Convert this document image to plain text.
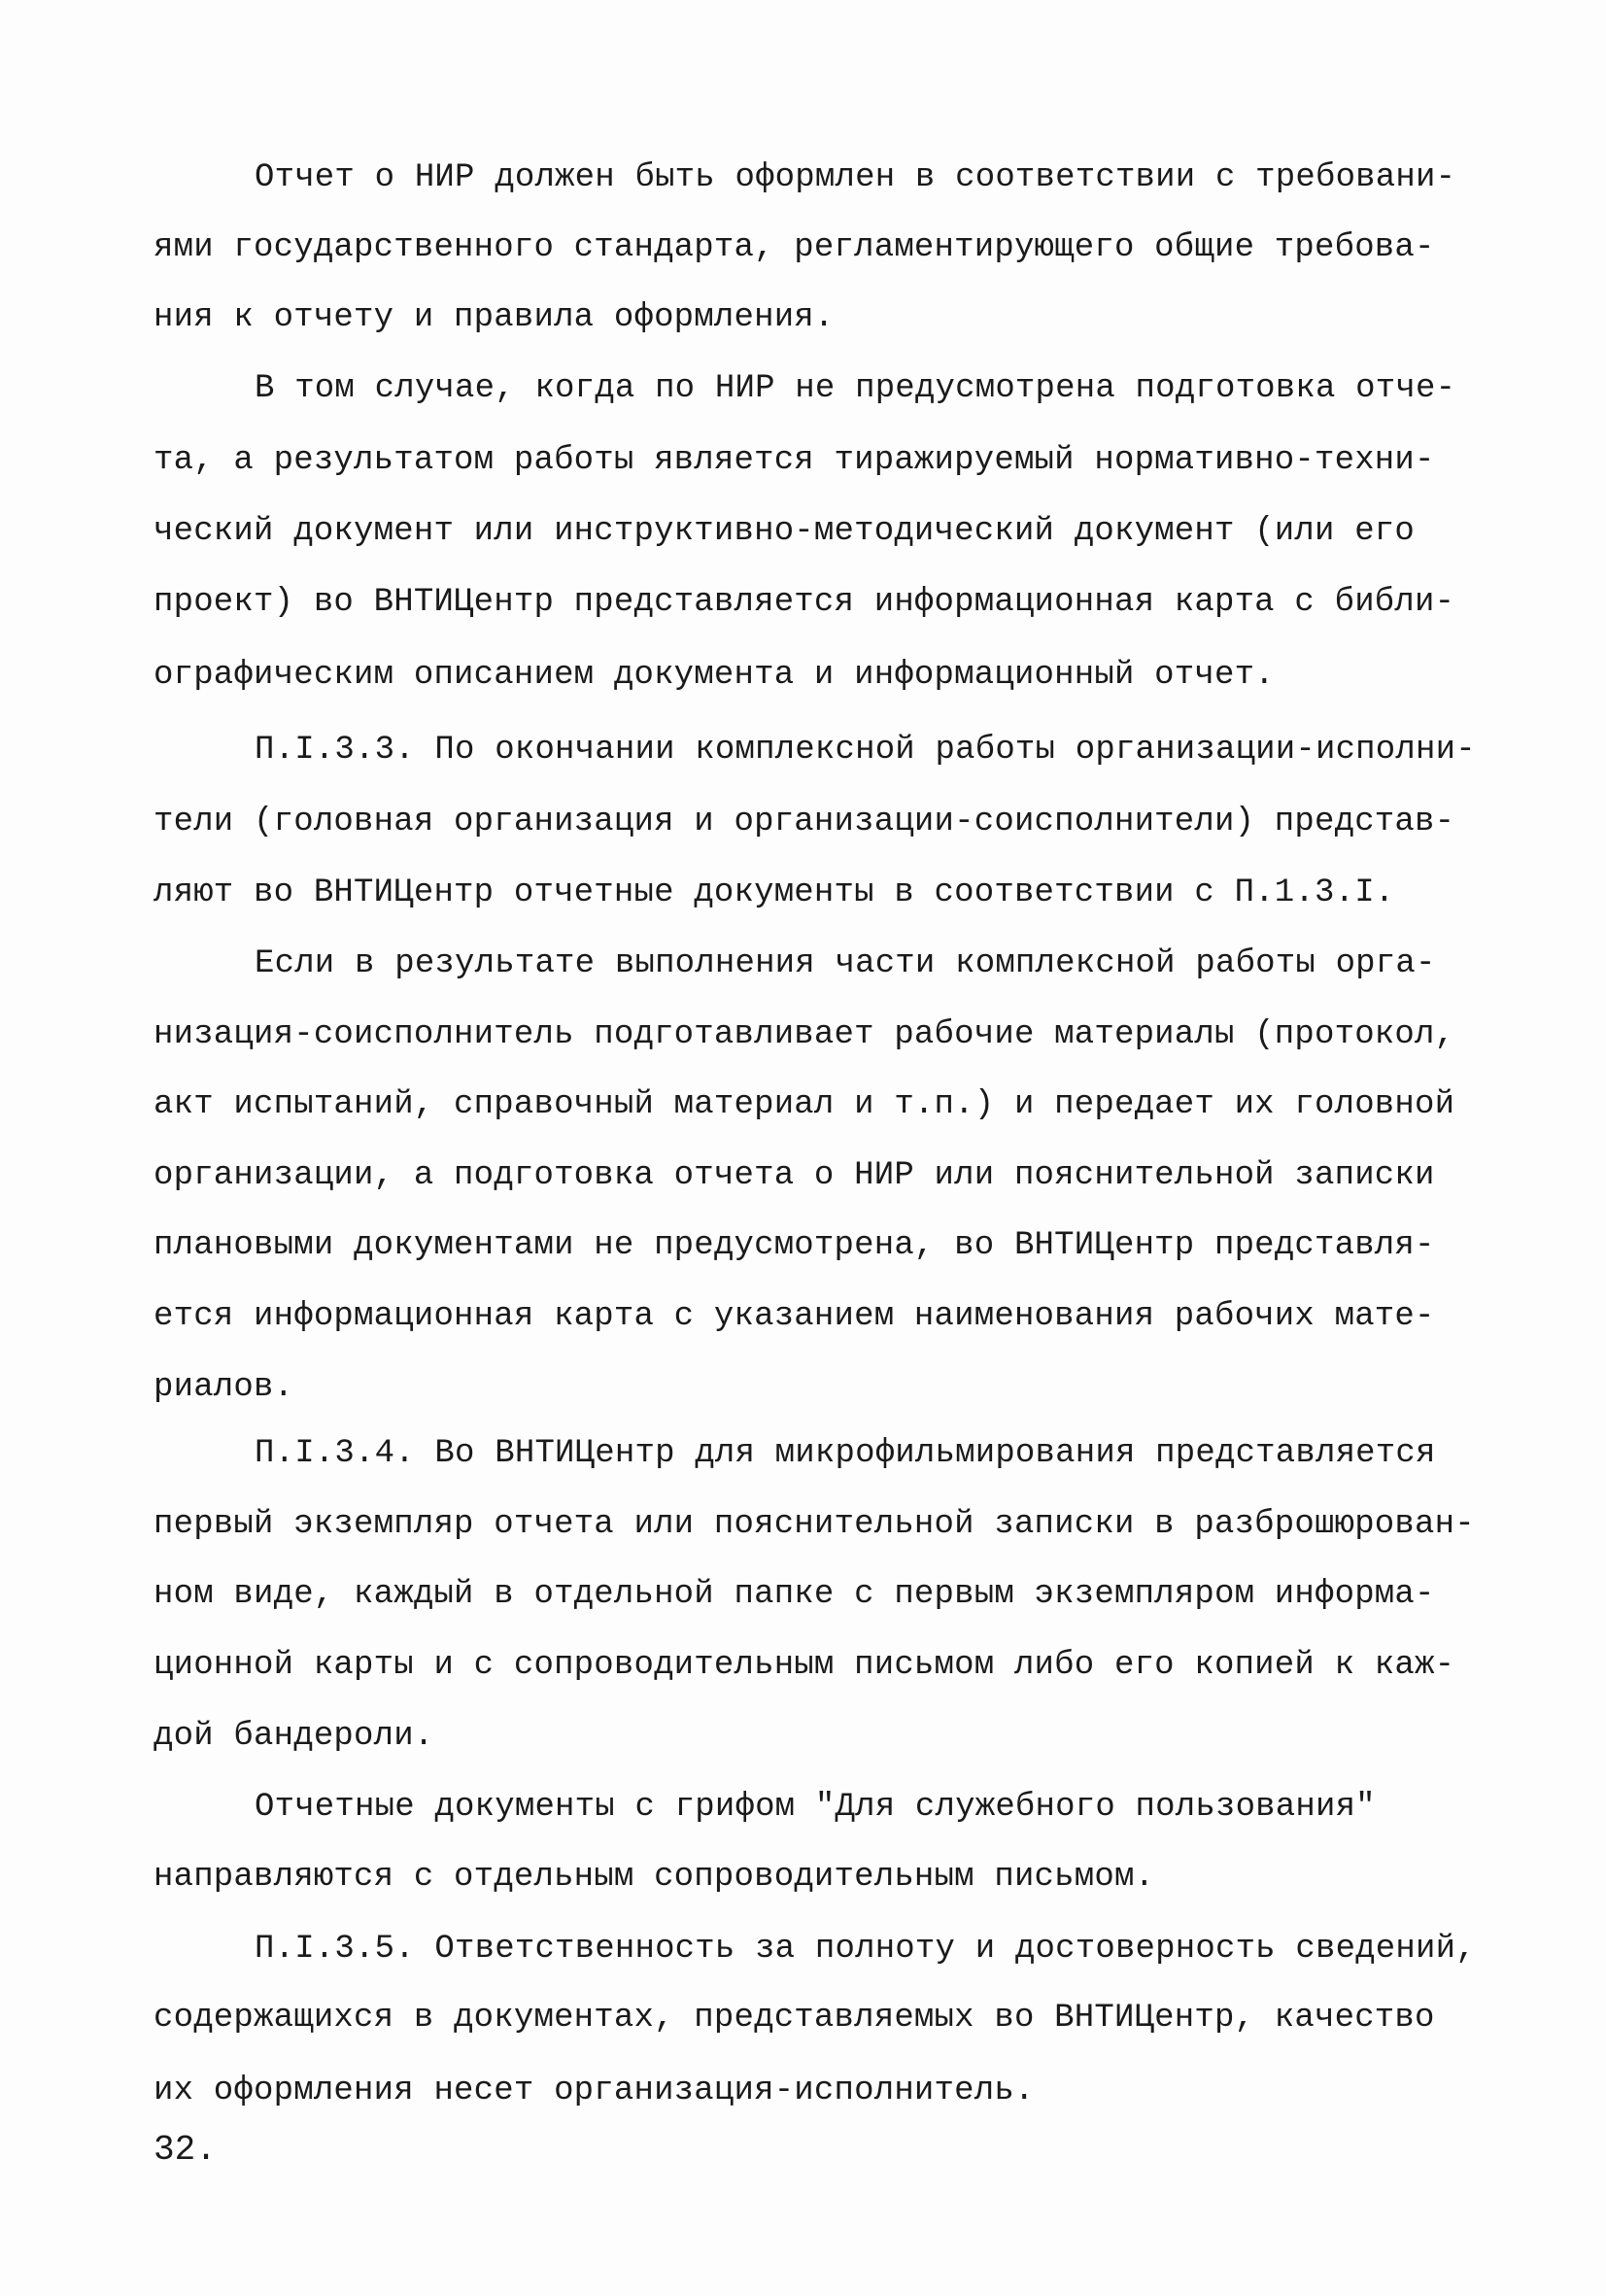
Отчет о НИР должен быть оформлен в соответствии с требовани-

ями государственного стандарта, регламентирующего общие требова-

ния к отчету и правила оформления.

В том случае, когда по НИР не предусмотрена подготовка отче-

та, а результатом работы является тиражируемый нормативно-техни-

ческий документ или инструктивно-методический документ (или его

проект) во ВНТИЦентр представляется информационная карта с библи-

ографическим описанием документа и информационный отчет.

П.I.3.3. По окончании комплексной работы организации-исполни-

тели (головная организация и организации-соисполнители) представ-

ляют во ВНТИЦентр отчетные документы в соответствии с П.1.3.I.

Если в результате выполнения части комплексной работы орга-

низация-соисполнитель подготавливает рабочие материалы (протокол,

акт испытаний, справочный материал и т.п.) и передает их головной

организации, а подготовка отчета о НИР или пояснительной записки

плановыми документами не предусмотрена, во ВНТИЦентр представля-

ется информационная карта с указанием наименования рабочих мате-

риалов.

П.I.3.4. Во ВНТИЦентр для микрофильмирования представляется

первый экземпляр отчета или пояснительной записки в разброшюрован-

ном виде, каждый в отдельной папке с первым экземпляром информа-

ционной карты и с сопроводительным письмом либо его копией к каж-

дой бандероли.

Отчетные документы с грифом "Для служебного пользования"

направляются с отдельным сопроводительным письмом.

П.I.3.5. Ответственность за полноту и достоверность сведений,

содержащихся в документах, представляемых во ВНТИЦентр, качество

их оформления несет организация-исполнитель.

32.
